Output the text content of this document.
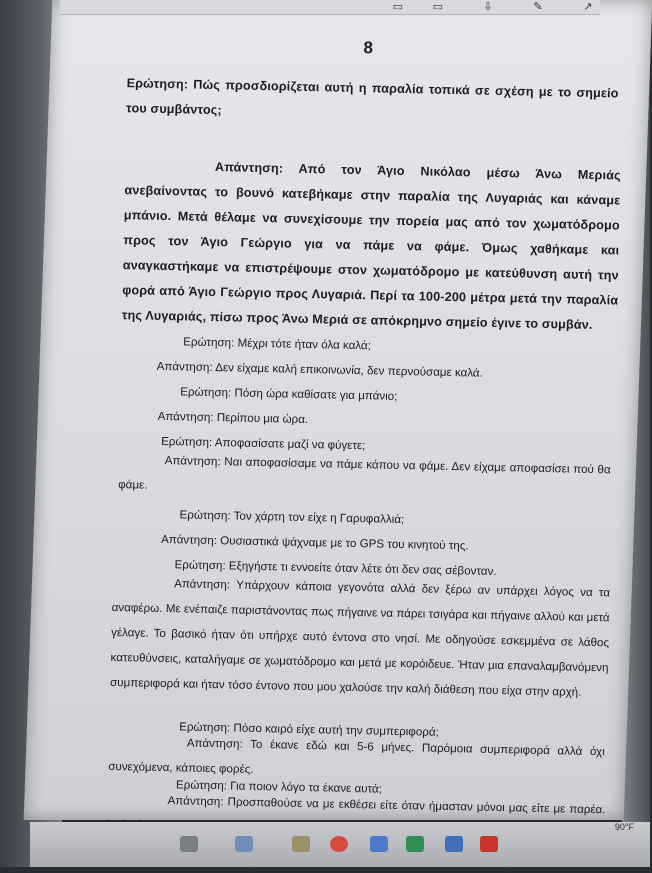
▭	▭	⇩	✎	↗
8
Ερώτηση: Πώς προσδιορίζεται αυτή η παραλία τοπικά σε σχέση με το σημείο του συμβάντος;
Απάντηση: Από τον Άγιο Νικόλαο μέσω Άνω Μεριάς ανεβαίνοντας το βουνό κατεβήκαμε στην παραλία της Λυγαριάς και κάναμε μπάνιο. Μετά θέλαμε να συνεχίσουμε την πορεία μας από τον χωματόδρομο προς τον Άγιο Γεώργιο για να πάμε να φάμε. Όμως χαθήκαμε και αναγκαστήκαμε να επιστρέψουμε στον χωματόδρομο με κατεύθυνση αυτή την φορά από Άγιο Γεώργιο προς Λυγαριά. Περί τα 100-200 μέτρα μετά την παραλία της Λυγαριάς, πίσω προς Άνω Μεριά σε απόκρημνο σημείο έγινε το συμβάν.
Ερώτηση: Μέχρι τότε ήταν όλα καλά;
Απάντηση: Δεν είχαμε καλή επικοινωνία, δεν περνούσαμε καλά.
Ερώτηση: Πόση ώρα καθίσατε για μπάνιο;
Απάντηση: Περίπου μια ώρα.
Ερώτηση: Αποφασίσατε μαζί να φύγετε;
Απάντηση: Ναι αποφασίσαμε να πάμε κάπου να φάμε. Δεν είχαμε αποφασίσει πού θα φάμε.
Ερώτηση: Τον χάρτη τον είχε η Γαρυφαλλιά;
Απάντηση: Ουσιαστικά ψάχναμε με το GPS του κινητού της.
Ερώτηση: Εξηγήστε τι εννοείτε όταν λέτε ότι δεν σας σέβονταν.
Απάντηση: Υπάρχουν κάποια γεγονότα αλλά δεν ξέρω αν υπάρχει λόγος να τα αναφέρω. Με ενέπαιζε παριστάνοντας πως πήγαινε να πάρει τσιγάρα και πήγαινε αλλού και μετά γέλαγε. Το βασικό ήταν ότι υπήρχε αυτό έντονα στο νησί. Με οδηγούσε εσκεμμένα σε λάθος κατευθύνσεις, καταλήγαμε σε χωματόδρομο και μετά με κορόιδευε. Ήταν μια επαναλαμβανόμενη συμπεριφορά και ήταν τόσο έντονο που μου χαλούσε την καλή διάθεση που είχα στην αρχή.
Ερώτηση: Πόσο καιρό είχε αυτή την συμπεριφορά;
Απάντηση: Το έκανε εδώ και 5-6 μήνες. Παρόμοια συμπεριφορά αλλά όχι συνεχόμενα, κάποιες φορές.
Ερώτηση: Για ποιον λόγο τα έκανε αυτά;
Απάντηση: Προσπαθούσε να με εκθέσει είτε όταν ήμασταν μόνοι μας είτε με παρέα.
90°F
